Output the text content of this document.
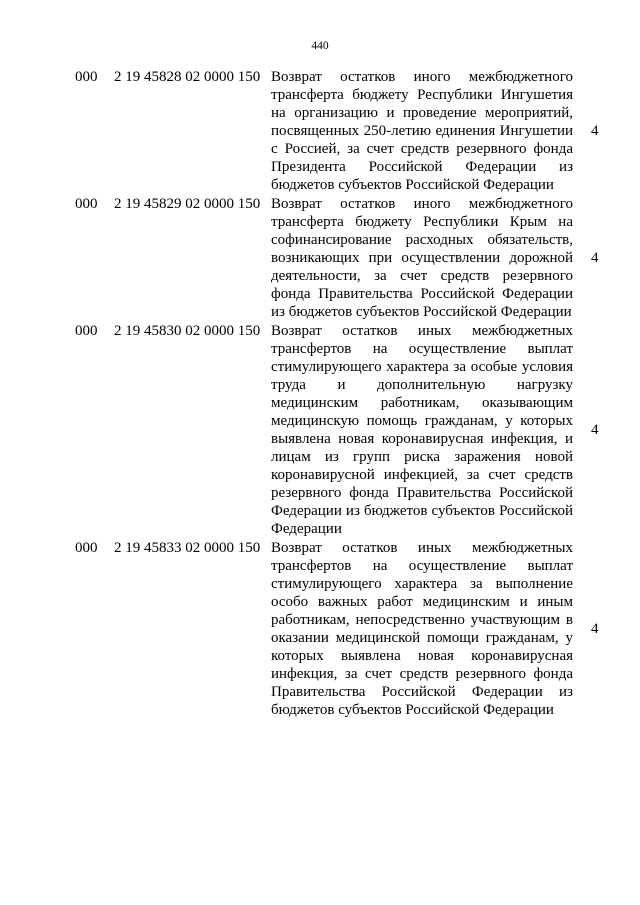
440
000 2 19 45828 02 0000 150 Возврат остатков иного межбюджетного трансферта бюджету Республики Ингушетия на организацию и проведение мероприятий, посвященных 250-летию единения Ингушетии с Россией, за счет средств резервного фонда Президента Российской Федерации из бюджетов субъектов Российской Федерации
4
000 2 19 45829 02 0000 150 Возврат остатков иного межбюджетного трансферта бюджету Республики Крым на софинансирование расходных обязательств, возникающих при осуществлении дорожной деятельности, за счет средств резервного фонда Правительства Российской Федерации из бюджетов субъектов Российской Федерации
4
000 2 19 45830 02 0000 150 Возврат остатков иных межбюджетных трансфертов на осуществление выплат стимулирующего характера за особые условия труда и дополнительную нагрузку медицинским работникам, оказывающим медицинскую помощь гражданам, у которых выявлена новая коронавирусная инфекция, и лицам из групп риска заражения новой коронавирусной инфекцией, за счет средств резервного фонда Правительства Российской Федерации из бюджетов субъектов Российской Федерации
4
000 2 19 45833 02 0000 150 Возврат остатков иных межбюджетных трансфертов на осуществление выплат стимулирующего характера за выполнение особо важных работ медицинским и иным работникам, непосредственно участвующим в оказании медицинской помощи гражданам, у которых выявлена новая коронавирусная инфекция, за счет средств резервного фонда Правительства Российской Федерации из бюджетов субъектов Российской Федерации
4
